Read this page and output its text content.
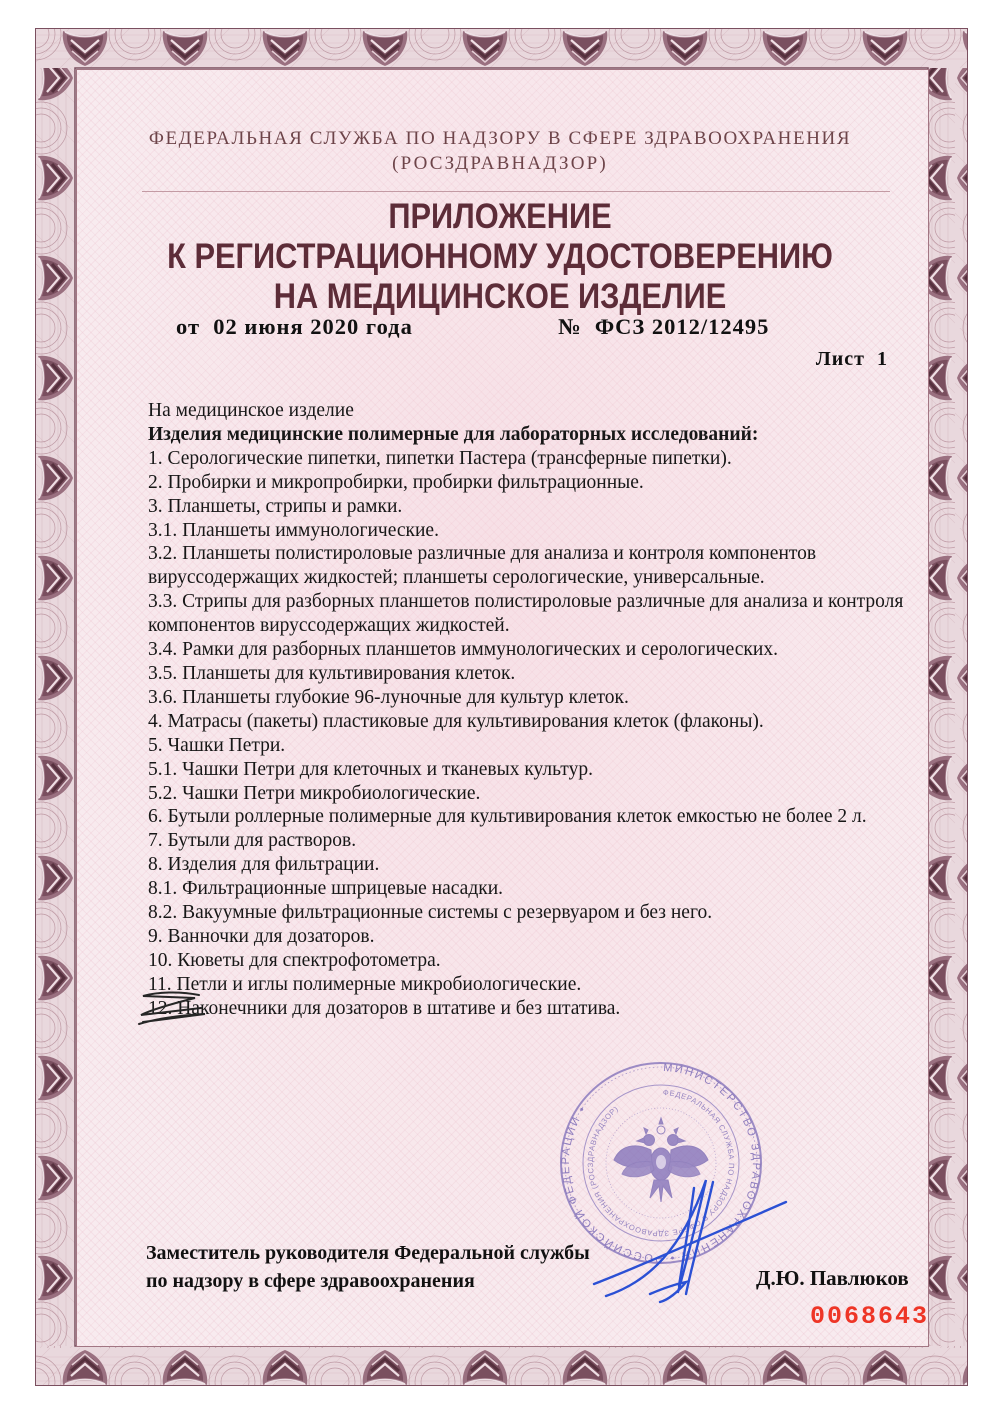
ФЕДЕРАЛЬНАЯ СЛУЖБА ПО НАДЗОРУ В СФЕРЕ ЗДРАВООХРАНЕНИЯ
(РОСЗДРАВНАДЗОР)
ПРИЛОЖЕНИЕ
К РЕГИСТРАЦИОННОМУ УДОСТОВЕРЕНИЮ
НА МЕДИЦИНСКОЕ ИЗДЕЛИЕ
от  02 июня 2020 года	№  ФСЗ 2012/12495
Лист  1
На медицинское изделие
Изделия медицинские полимерные для лабораторных исследований:
1. Серологические пипетки, пипетки Пастера (трансферные пипетки).
2. Пробирки и микропробирки, пробирки фильтрационные.
3. Планшеты, стрипы и рамки.
3.1. Планшеты иммунологические.
3.2. Планшеты полистироловые различные для анализа и контроля компонентов вируссодержащих жидкостей; планшеты серологические, универсальные.
3.3. Стрипы для разборных планшетов полистироловые различные для анализа и контроля компонентов вируссодержащих жидкостей.
3.4. Рамки для разборных планшетов иммунологических и серологических.
3.5. Планшеты для культивирования клеток.
3.6. Планшеты глубокие 96-луночные для культур клеток.
4. Матрасы (пакеты) пластиковые для культивирования клеток (флаконы).
5. Чашки Петри.
5.1. Чашки Петри для клеточных и тканевых культур.
5.2. Чашки Петри микробиологические.
6. Бутыли роллерные полимерные для культивирования клеток емкостью не более 2 л.
7. Бутыли для растворов.
8. Изделия для фильтрации.
8.1. Фильтрационные шприцевые насадки.
8.2. Вакуумные фильтрационные системы с резервуаром и без него.
9. Ванночки для дозаторов.
10. Кюветы для спектрофотометра.
11. Петли и иглы полимерные микробиологические.
12. Наконечники для дозаторов в штативе и без штатива.
МИНИСТЕРСТВО ЗДРАВООХРАНЕНИЯ • РОССИЙСКОЙ ФЕДЕРАЦИИ •
ФЕДЕРАЛЬНАЯ СЛУЖБА ПО НАДЗОРУ В СФЕРЕ ЗДРАВООХРАНЕНИЯ (РОСЗДРАВНАДЗОР)
Заместитель руководителя Федеральной службы
по надзору в сфере здравоохранения	Д.Ю. Павлюков
0068643
